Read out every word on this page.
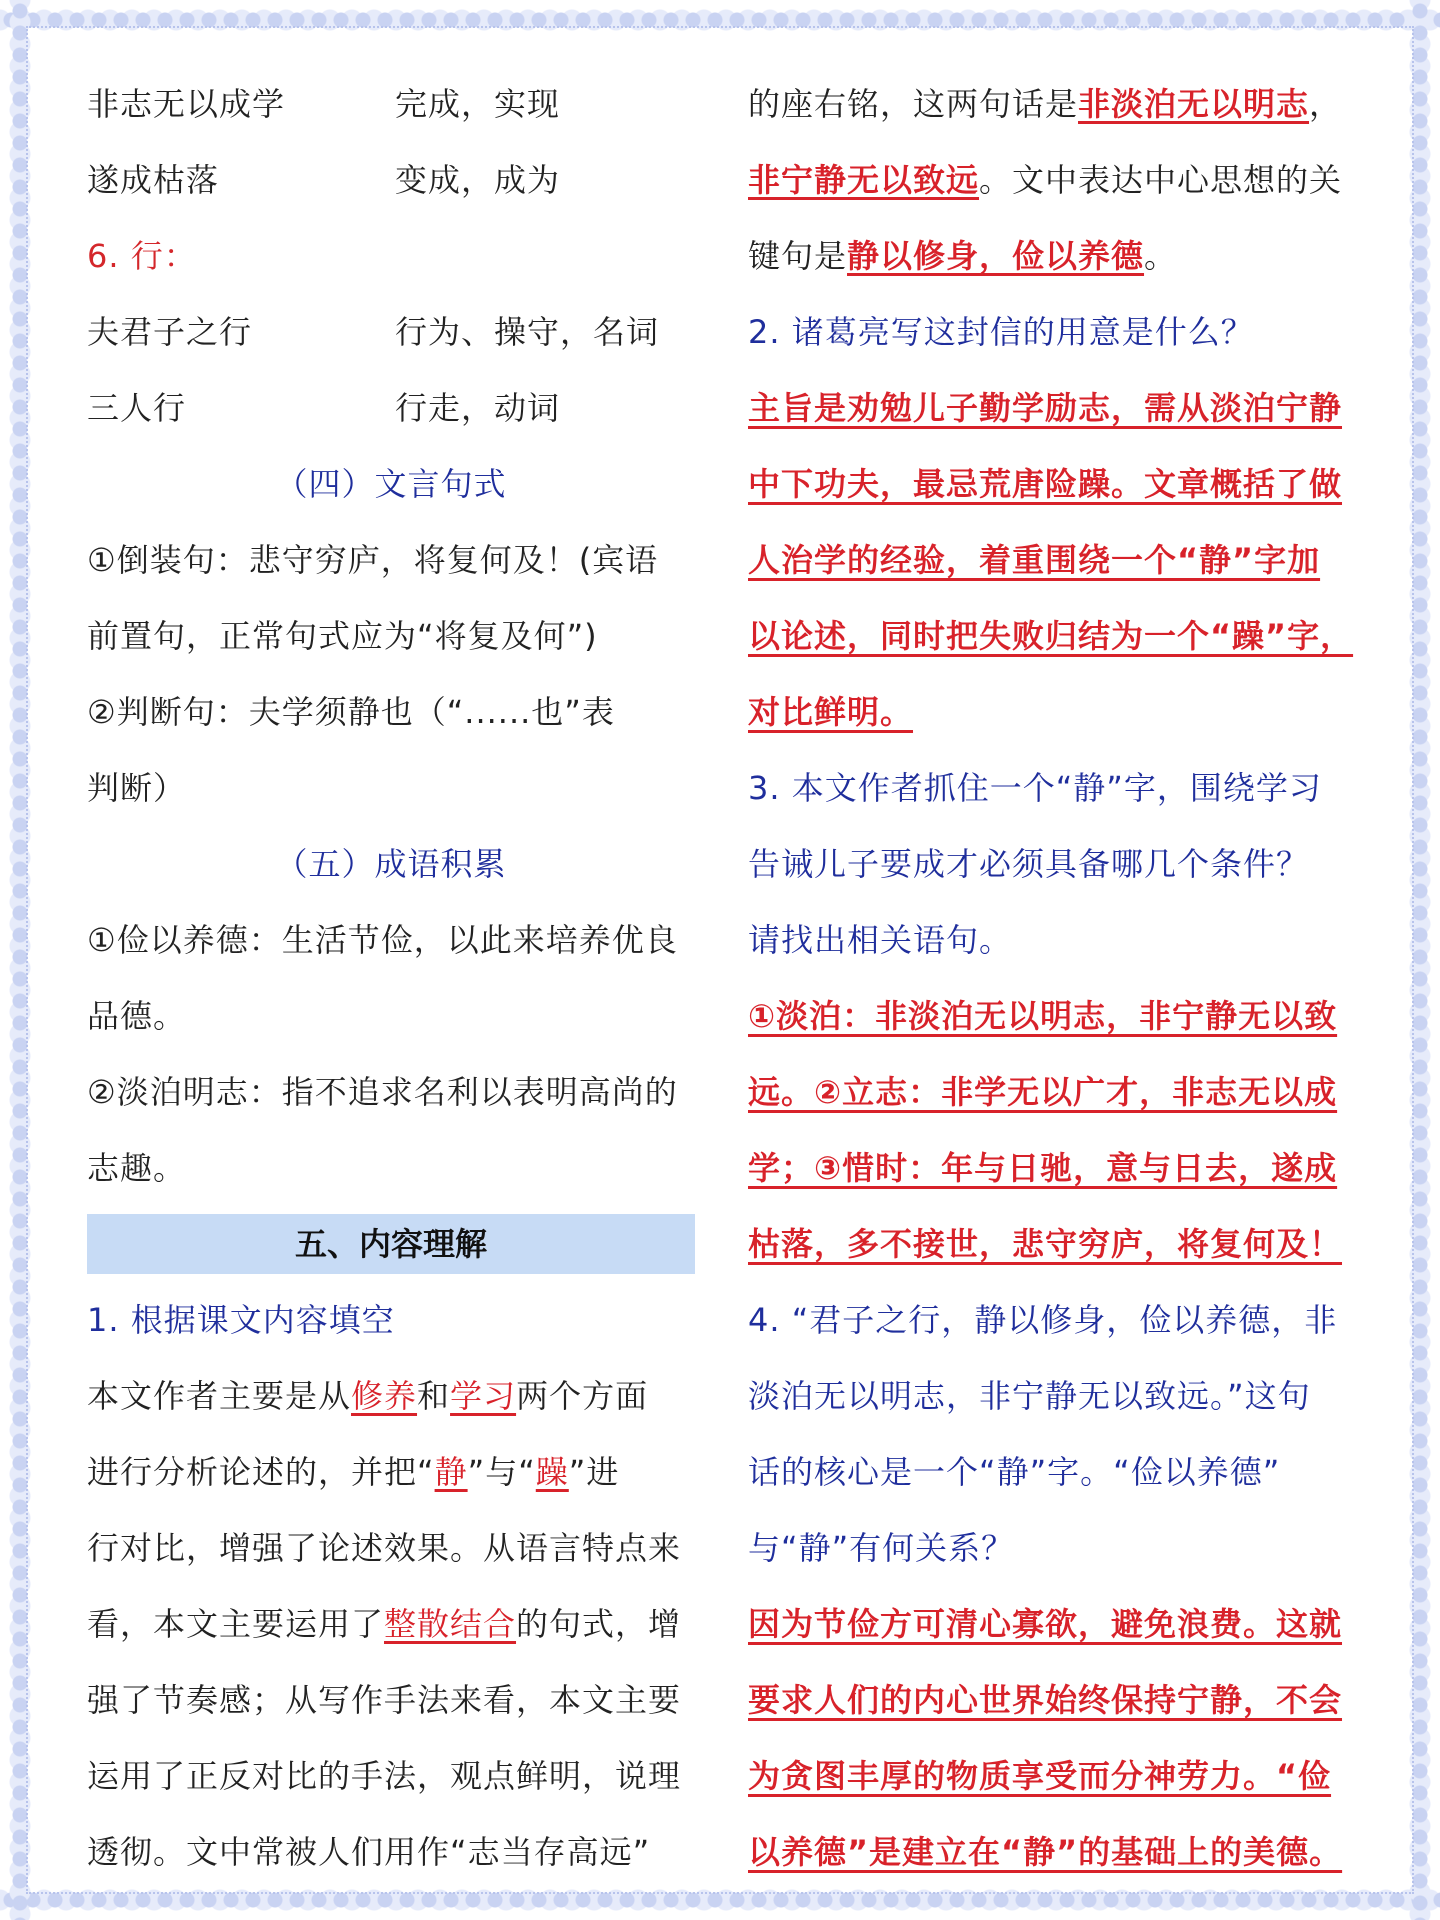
非志无以成学	完成，实现
遂成枯落	变成，成为
6. 行：
夫君子之行	行为、操守，名词
三人行	行走，动词
（四）文言句式
①倒装句：悲守穷庐，将复何及！(宾语
前置句，正常句式应为“将复及何”)
②判断句：夫学须静也（“......也”表
判断）
（五）成语积累
①俭以养德：生活节俭，以此来培养优良
品德。
②淡泊明志：指不追求名利以表明高尚的
志趣。
五、内容理解
1. 根据课文内容填空
本文作者主要是从修养和学习两个方面
进行分析论述的，并把“静”与“躁”进
行对比，增强了论述效果。从语言特点来
看，本文主要运用了整散结合的句式，增
强了节奏感；从写作手法来看，本文主要
运用了正反对比的手法，观点鲜明，说理
透彻。文中常被人们用作“志当存高远”
的座右铭，这两句话是非淡泊无以明志，
非宁静无以致远。文中表达中心思想的关
键句是静以修身，俭以养德。
2. 诸葛亮写这封信的用意是什么？
主旨是劝勉儿子勤学励志，需从淡泊宁静
中下功夫，最忌荒唐险躁。文章概括了做
人治学的经验，着重围绕一个“静”字加
以论述，同时把失败归结为一个“躁”字，
对比鲜明。
3. 本文作者抓住一个“静”字，围绕学习
告诫儿子要成才必须具备哪几个条件？
请找出相关语句。
①淡泊：非淡泊无以明志，非宁静无以致
远。②立志：非学无以广才，非志无以成
学；③惜时：年与日驰，意与日去，遂成
枯落，多不接世，悲守穷庐，将复何及！
4. “君子之行，静以修身，俭以养德，非
淡泊无以明志，非宁静无以致远。”这句
话的核心是一个“静”字。“俭以养德”
与“静”有何关系？
因为节俭方可清心寡欲，避免浪费。这就
要求人们的内心世界始终保持宁静，不会
为贪图丰厚的物质享受而分神劳力。“俭
以养德”是建立在“静”的基础上的美德。
